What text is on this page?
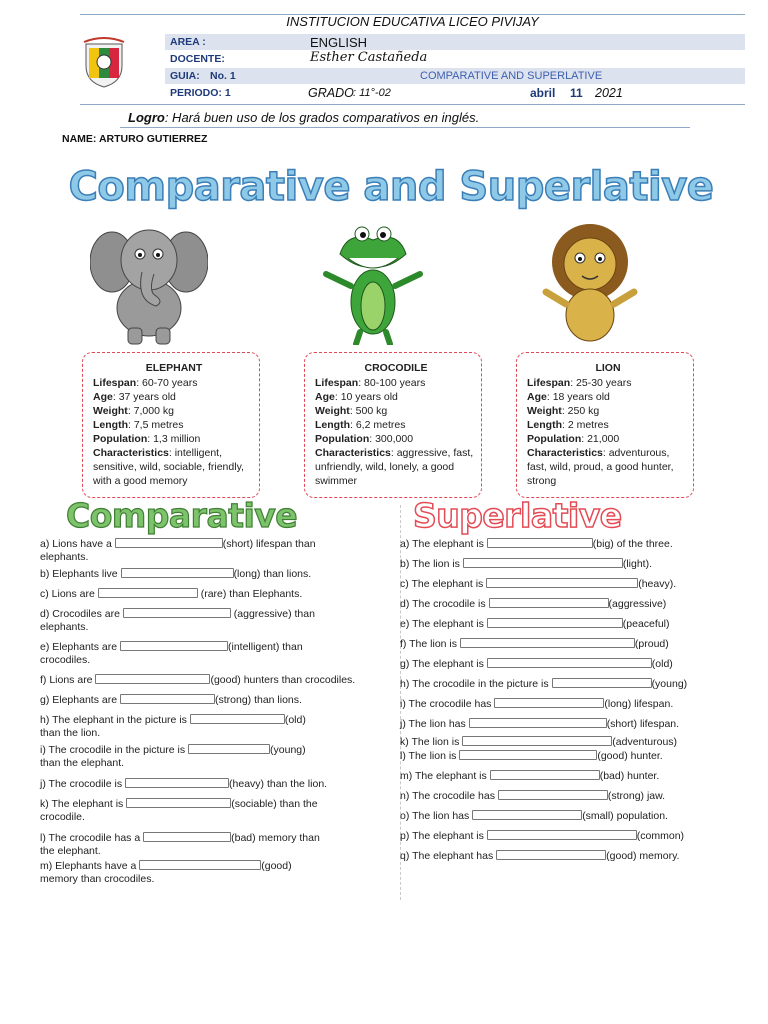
INSTITUCION EDUCATIVA LICEO PIVIJAY
AREA :	ENGLISH
DOCENTE:	Esther Castañeda
GUIA: No. 1	COMPARATIVE AND SUPERLATIVE
PERIODO: 1	GRADO : 11°-02	abril 11 2021
Logro: Hará buen uso de los grados comparativos en inglés.
NAME: ARTURO GUTIERREZ
Comparative and Superlative
ELEPHANT
Lifespan: 60-70 years
Age: 37 years old
Weight: 7,000 kg
Length: 7,5 metres
Population: 1,3 million
Characteristics: intelligent, sensitive, wild, sociable, friendly, with a good memory
CROCODILE
Lifespan: 80-100 years
Age: 10 years old
Weight: 500 kg
Length: 6,2 metres
Population: 300,000
Characteristics: aggressive, fast, unfriendly, wild, lonely, a good swimmer
LION
Lifespan: 25-30 years
Age: 18 years old
Weight: 250 kg
Length: 2 metres
Population: 21,000
Characteristics: adventurous, fast, wild, proud, a good hunter, strong
Comparative	Superlative
a) Lions have a	(short) lifespan than
elephants.
b) Elephants live	(long) than lions.
c) Lions are	(rare) than Elephants.
d) Crocodiles are	(aggressive) than
elephants.
e) Elephants are	(intelligent) than
crocodiles.
f) Lions are	(good) hunters than crocodiles.
g) Elephants are	(strong) than lions.
h) The elephant in the picture is	(old)
than the lion.
i) The crocodile in the picture is	(young)
than the elephant.
j) The crocodile is	(heavy) than the lion.
k) The elephant is	(sociable) than the
crocodile.
l) The crocodile has a	(bad) memory than
the elephant.
m) Elephants have a	(good)
memory than crocodiles.
a) The elephant is	(big) of the three.
b) The lion is	(light).
c) The elephant is	(heavy).
d) The crocodile is	(aggressive)
e) The elephant is	(peaceful)
f) The lion is	(proud)
g) The elephant is	(old)
h) The crocodile in the picture is	(young)
i) The crocodile has	(long) lifespan.
j) The lion has	(short) lifespan.
k) The lion is	(adventurous)
l) The lion is	(good) hunter.
m) The elephant is	(bad) hunter.
n) The crocodile has	(strong) jaw.
o) The lion has	(small) population.
p) The elephant is	(common)
q) The elephant has	(good) memory.
